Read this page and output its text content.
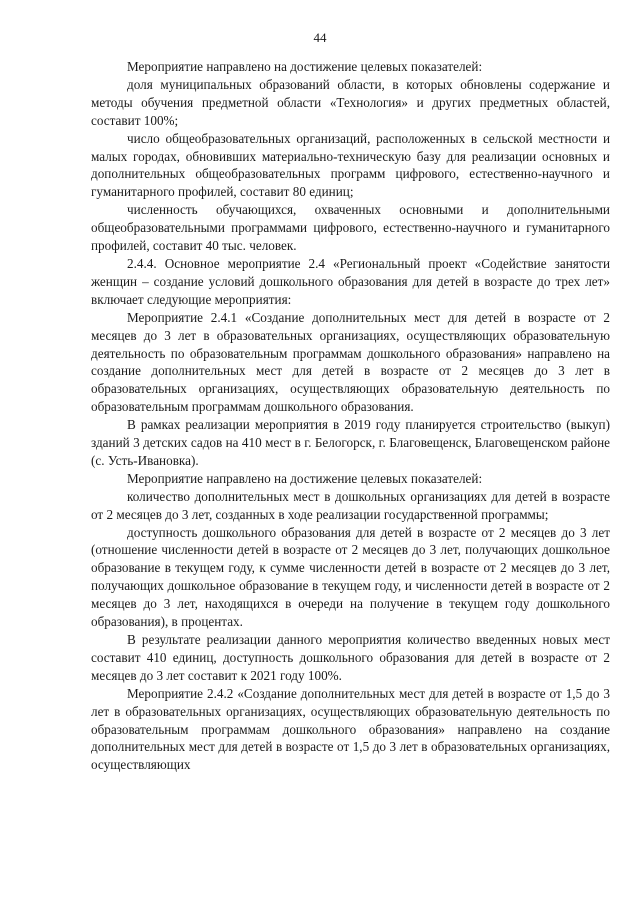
44

Мероприятие направлено на достижение целевых показателей:

доля муниципальных образований области, в которых обновлены содержание и методы обучения предметной области «Технология» и других предметных областей, составит 100%;

число общеобразовательных организаций, расположенных в сельской местности и малых городах, обновивших материально-техническую базу для реализации основных и дополнительных общеобразовательных программ цифрового, естественно-научного и гуманитарного профилей, составит 80 единиц;

численность обучающихся, охваченных основными и дополнительными общеобразовательными программами цифрового, естественно-научного и гуманитарного профилей, составит 40 тыс. человек.

2.4.4. Основное мероприятие 2.4 «Региональный проект «Содействие занятости женщин – создание условий дошкольного образования для детей в возрасте до трех лет» включает следующие мероприятия:

Мероприятие 2.4.1 «Создание дополнительных мест для детей в возрасте от 2 месяцев до 3 лет в образовательных организациях, осуществляющих образовательную деятельность по образовательным программам дошкольного образования» направлено на создание дополнительных мест для детей в возрасте от 2 месяцев до 3 лет в образовательных организациях, осуществляющих образовательную деятельность по образовательным программам дошкольного образования.

В рамках реализации мероприятия в 2019 году планируется строительство (выкуп) зданий 3 детских садов на 410 мест в г. Белогорск, г. Благовещенск, Благовещенском районе (с. Усть-Ивановка).

Мероприятие направлено на достижение целевых показателей:

количество дополнительных мест в дошкольных организациях для детей в возрасте от 2 месяцев до 3 лет, созданных в ходе реализации государственной программы;

доступность дошкольного образования для детей в возрасте от 2 месяцев до 3 лет (отношение численности детей в возрасте от 2 месяцев до 3 лет, получающих дошкольное образование в текущем году, к сумме численности детей в возрасте от 2 месяцев до 3 лет, получающих дошкольное образование в текущем году, и численности детей в возрасте от 2 месяцев до 3 лет, находящихся в очереди на получение в текущем году дошкольного образования), в процентах.

В результате реализации данного мероприятия количество введенных новых мест составит 410 единиц, доступность дошкольного образования для детей в возрасте от 2 месяцев до 3 лет составит к 2021 году 100%.

Мероприятие 2.4.2 «Создание дополнительных мест для детей в возрасте от 1,5 до 3 лет в образовательных организациях, осуществляющих образовательную деятельность по образовательным программам дошкольного образования» направлено на создание дополнительных мест для детей в возрасте от 1,5 до 3 лет в образовательных организациях, осуществляющих
